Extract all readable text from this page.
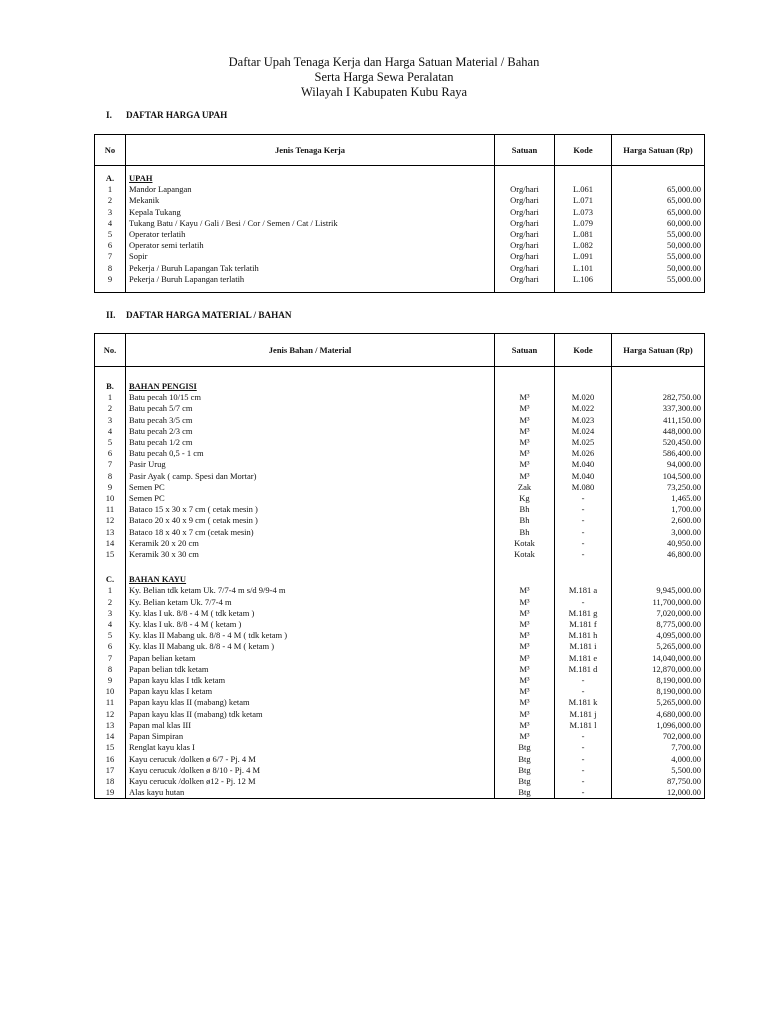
Daftar Upah Tenaga Kerja dan Harga Satuan Material / Bahan
Serta Harga Sewa Peralatan
Wilayah I Kabupaten Kubu Raya
I. DAFTAR HARGA UPAH
No	Jenis Tenaga Kerja	Satuan	Kode	Harga Satuan (Rp)

A.	UPAH			
1	Mandor Lapangan	Org/hari	L.061	65,000.00
2	Mekanik	Org/hari	L.071	65,000.00
3	Kepala Tukang	Org/hari	L.073	65,000.00
4	Tukang Batu / Kayu / Gali / Besi / Cor / Semen / Cat / Listrik	Org/hari	L.079	60,000.00
5	Operator terlatih	Org/hari	L.081	55,000.00
6	Operator semi terlatih	Org/hari	L.082	50,000.00
7	Sopir	Org/hari	L.091	55,000.00
8	Pekerja / Buruh Lapangan Tak terlatih	Org/hari	L.101	50,000.00
9	Pekerja / Buruh Lapangan terlatih	Org/hari	L.106	55,000.00

II. DAFTAR HARGA MATERIAL / BAHAN
No.	Jenis Bahan / Material	Satuan	Kode	Harga Satuan (Rp)

B.	BAHAN PENGISI			
1	Batu pecah 10/15 cm	M³	M.020	282,750.00
2	Batu pecah 5/7 cm	M³	M.022	337,300.00
3	Batu pecah 3/5 cm	M³	M.023	411,150.00
4	Batu pecah 2/3 cm	M³	M.024	448,000.00
5	Batu pecah 1/2 cm	M³	M.025	520,450.00
6	Batu pecah 0,5 - 1 cm	M³	M.026	586,400.00
7	Pasir Urug	M³	M.040	94,000.00
8	Pasir Ayak ( camp. Spesi dan Mortar)	M³	M.040	104,500.00
9	Semen PC	Zak	M.080	73,250.00
10	Semen PC	Kg	-	1,465.00
11	Bataco 15 x 30 x 7 cm ( cetak mesin )	Bh	-	1,700.00
12	Bataco 20 x 40 x 9 cm ( cetak mesin )	Bh	-	2,600.00
13	Bataco 18 x 40 x 7 cm (cetak mesin)	Bh	-	3,000.00
14	Keramik 20 x 20 cm	Kotak	-	40,950.00
15	Keramik 30 x 30 cm	Kotak	-	46,800.00

C.	BAHAN KAYU			
1	Ky. Belian tdk ketam Uk. 7/7-4 m s/d 9/9-4 m	M³	M.181 a	9,945,000.00
2	Ky. Belian ketam Uk. 7/7-4 m	M³	-	11,700,000.00
3	Ky. klas I uk. 8/8 - 4 M ( tdk ketam )	M³	M.181 g	7,020,000.00
4	Ky. klas I uk. 8/8 - 4 M ( ketam )	M³	M.181 f	8,775,000.00
5	Ky. klas II Mabang uk. 8/8 - 4 M ( tdk ketam )	M³	M.181 h	4,095,000.00
6	Ky. klas II Mabang uk. 8/8 - 4 M ( ketam )	M³	M.181 i	5,265,000.00
7	Papan belian ketam	M³	M.181 e	14,040,000.00
8	Papan belian tdk ketam	M³	M.181 d	12,870,000.00
9	Papan kayu klas I tdk ketam	M³	-	8,190,000.00
10	Papan kayu klas I ketam	M³	-	8,190,000.00
11	Papan kayu klas II (mabang) ketam	M³	M.181 k	5,265,000.00
12	Papan kayu klas II (mabang) tdk ketam	M³	M.181 j	4,680,000.00
13	Papan mal klas III	M³	M.181 l	1,096,000.00
14	Papan Simpiran	M³	-	702,000.00
15	Renglat kayu klas I	Btg	-	7,700.00
16	Kayu cerucuk /dolken ø 6/7 - Pj. 4 M	Btg	-	4,000.00
17	Kayu cerucuk /dolken ø 8/10 - Pj. 4 M	Btg	-	5,500.00
18	Kayu cerucuk /dolken ø12 - Pj. 12 M	Btg	-	87,750.00
19	Alas kayu hutan	Btg	-	12,000.00
